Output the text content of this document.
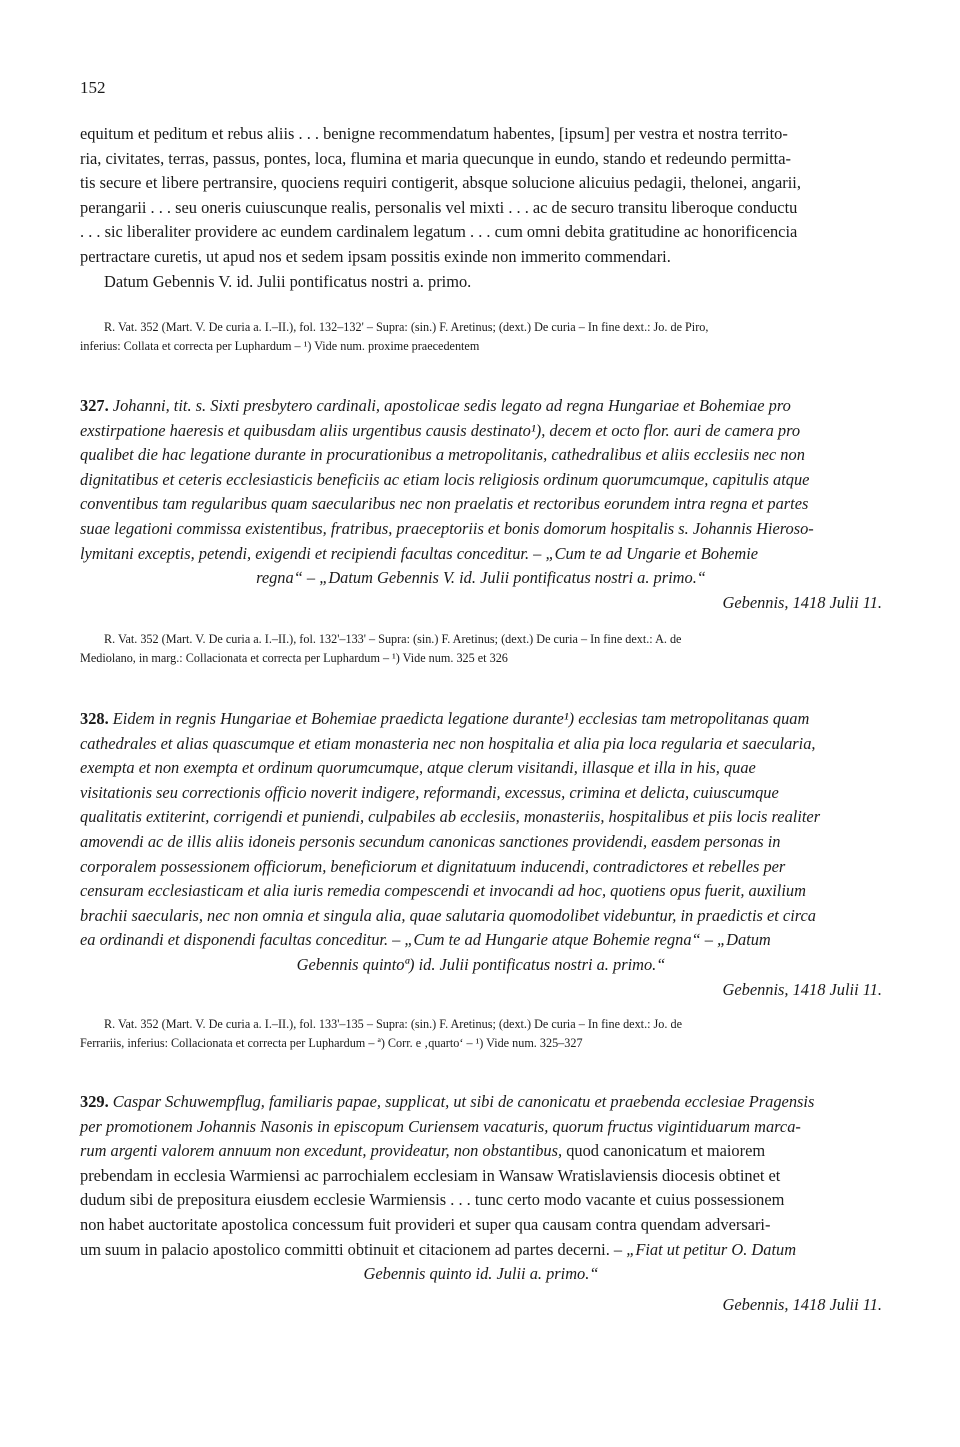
152

equitum et peditum et rebus aliis . . . benigne recommendatum habentes, [ipsum] per vestra et nostra territo-

ria, civitates, terras, passus, pontes, loca, flumina et maria quecunque in eundo, stando et redeundo permitta-

tis secure et libere pertransire, quociens requiri contigerit, absque solucione alicuius pedagii, thelonei, angarii,

perangarii . . . seu oneris cuiuscunque realis, personalis vel mixti . . . ac de securo transitu liberoque conductu

. . . sic liberaliter providere ac eundem cardinalem legatum . . . cum omni debita gratitudine ac honorificencia

pertractare curetis, ut apud nos et sedem ipsam possitis exinde non immerito commendari.

Datum Gebennis V. id. Julii pontificatus nostri a. primo.

R. Vat. 352 (Mart. V. De curia a. I.–II.), fol. 132–132' – Supra: (sin.) F. Aretinus; (dext.) De curia – In fine dext.: Jo. de Piro,

inferius: Collata et correcta per Luphardum – ¹) Vide num. proxime praecedentem

327. Johanni, tit. s. Sixti presbytero cardinali, apostolicae sedis legato ad regna Hungariae et Bohemiae pro

exstirpatione haeresis et quibusdam aliis urgentibus causis destinato¹), decem et octo flor. auri de camera pro

qualibet die hac legatione durante in procurationibus a metropolitanis, cathedralibus et aliis ecclesiis nec non

dignitatibus et ceteris ecclesiasticis beneficiis ac etiam locis religiosis ordinum quorumcumque, capitulis atque

conventibus tam regularibus quam saecularibus nec non praelatis et rectoribus eorundem intra regna et partes

suae legationi commissa existentibus, fratribus, praeceptoriis et bonis domorum hospitalis s. Johannis Hieroso-

lymitani exceptis, petendi, exigendi et recipiendi facultas conceditur. – „Cum te ad Ungarie et Bohemie

regna“ – „Datum Gebennis V. id. Julii pontificatus nostri a. primo.“

Gebennis, 1418 Julii 11.

R. Vat. 352 (Mart. V. De curia a. I.–II.), fol. 132'–133' – Supra: (sin.) F. Aretinus; (dext.) De curia – In fine dext.: A. de

Mediolano, in marg.: Collacionata et correcta per Luphardum – ¹) Vide num. 325 et 326

328. Eidem in regnis Hungariae et Bohemiae praedicta legatione durante¹) ecclesias tam metropolitanas quam

cathedrales et alias quascumque et etiam monasteria nec non hospitalia et alia pia loca regularia et saecularia,

exempta et non exempta et ordinum quorumcumque, atque clerum visitandi, illasque et illa in his, quae

visitationis seu correctionis officio noverit indigere, reformandi, excessus, crimina et delicta, cuiuscumque

qualitatis extiterint, corrigendi et puniendi, culpabiles ab ecclesiis, monasteriis, hospitalibus et piis locis realiter

amovendi ac de illis aliis idoneis personis secundum canonicas sanctiones providendi, easdem personas in

corporalem possessionem officiorum, beneficiorum et dignitatuum inducendi, contradictores et rebelles per

censuram ecclesiasticam et alia iuris remedia compescendi et invocandi ad hoc, quotiens opus fuerit, auxilium

brachii saecularis, nec non omnia et singula alia, quae salutaria quomodolibet videbuntur, in praedictis et circa

ea ordinandi et disponendi facultas conceditur. – „Cum te ad Hungarie atque Bohemie regna“ – „Datum

Gebennis quintoª) id. Julii pontificatus nostri a. primo.“

Gebennis, 1418 Julii 11.

R. Vat. 352 (Mart. V. De curia a. I.–II.), fol. 133'–135 – Supra: (sin.) F. Aretinus; (dext.) De curia – In fine dext.: Jo. de

Ferrariis, inferius: Collacionata et correcta per Luphardum – ª) Corr. e ‚quarto‘ – ¹) Vide num. 325–327

329. Caspar Schuwempflug, familiaris papae, supplicat, ut sibi de canonicatu et praebenda ecclesiae Pragensis

per promotionem Johannis Nasonis in episcopum Curiensem vacaturis, quorum fructus vigintiduarum marca-

rum argenti valorem annuum non excedunt, provideatur, non obstantibus, quod canonicatum et maiorem

prebendam in ecclesia Warmiensi ac parrochialem ecclesiam in Wansaw Wratislaviensis diocesis obtinet et

dudum sibi de prepositura eiusdem ecclesie Warmiensis . . . tunc certo modo vacante et cuius possessionem

non habet auctoritate apostolica concessum fuit provideri et super qua causam contra quendam adversari-

um suum in palacio apostolico committi obtinuit et citacionem ad partes decerni. – „Fiat ut petitur O. Datum

Gebennis quinto id. Julii a. primo.“

Gebennis, 1418 Julii 11.
